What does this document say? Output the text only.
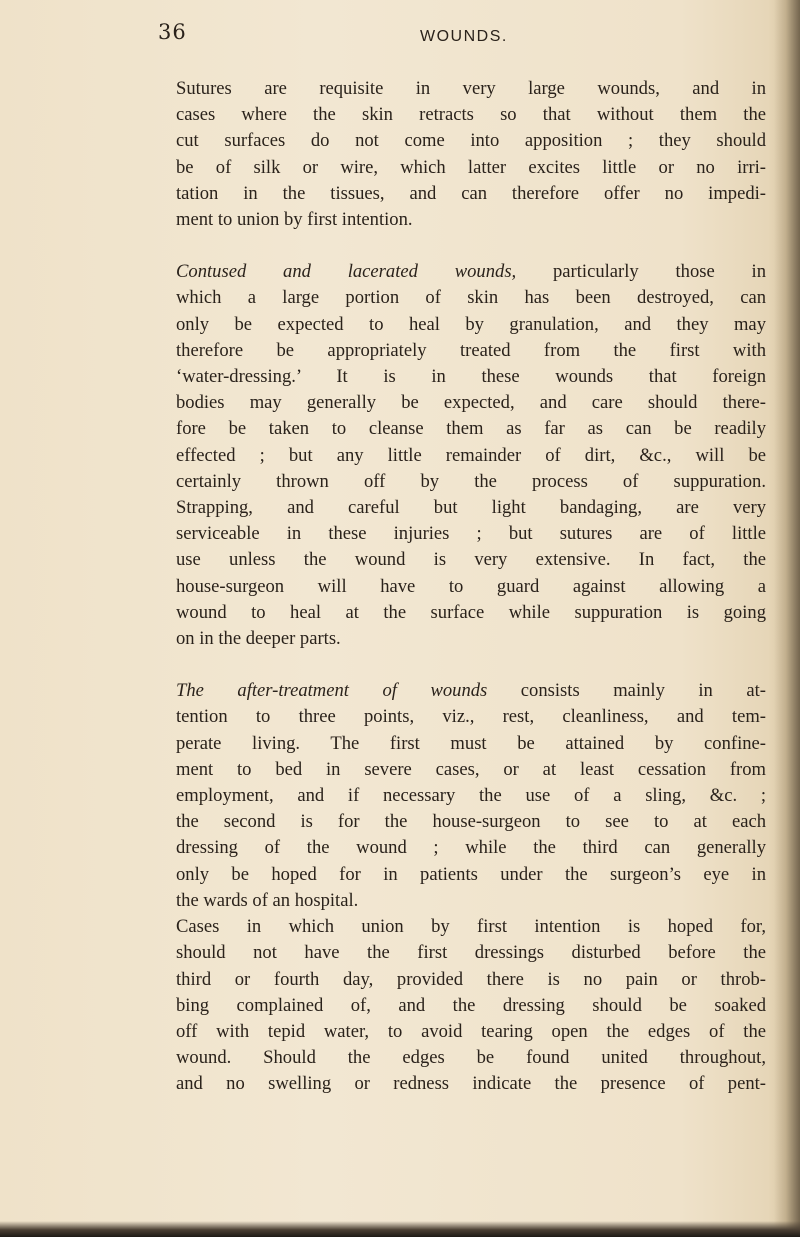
36	WOUNDS.

Sutures are requisite in very large wounds, and in
cases where the skin retracts so that without them the
cut surfaces do not come into apposition ; they should
be of silk or wire, which latter excites little or no irri-
tation in the tissues, and can therefore offer no impedi-
ment to union by first intention.

Contused and lacerated wounds, particularly those in
which a large portion of skin has been destroyed, can
only be expected to heal by granulation, and they may
therefore be appropriately treated from the first with
‘water-dressing.’ It is in these wounds that foreign
bodies may generally be expected, and care should there-
fore be taken to cleanse them as far as can be readily
effected ; but any little remainder of dirt, &c., will be
certainly thrown off by the process of suppuration.
Strapping, and careful but light bandaging, are very
serviceable in these injuries ; but sutures are of little
use unless the wound is very extensive. In fact, the
house-surgeon will have to guard against allowing a
wound to heal at the surface while suppuration is going
on in the deeper parts.

The after-treatment of wounds consists mainly in at-
tention to three points, viz., rest, cleanliness, and tem-
perate living. The first must be attained by confine-
ment to bed in severe cases, or at least cessation from
employment, and if necessary the use of a sling, &c. ;
the second is for the house-surgeon to see to at each
dressing of the wound ; while the third can generally
only be hoped for in patients under the surgeon’s eye in
the wards of an hospital.

Cases in which union by first intention is hoped for,
should not have the first dressings disturbed before the
third or fourth day, provided there is no pain or throb-
bing complained of, and the dressing should be soaked
off with tepid water, to avoid tearing open the edges of the
wound. Should the edges be found united throughout,
and no swelling or redness indicate the presence of pent-
